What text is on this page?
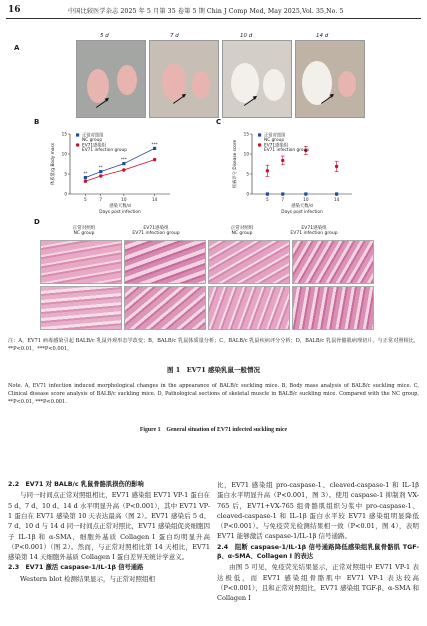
16	中国比较医学杂志 2025 年 5 月第 35 卷第 5 期 Chin J Comp Med, May 2025,Vol. 35,No. 5
A
5 d	7 d	10 d	14 d
B	C
0
5
10
15
5	7	10	14
感染天数/d
Days post infection
体质量/g Body mass	**
**
***
***
正常对照组
NC group
EV71感染组
EV71 infection group
0
5
10
15
5	7	10	14
感染天数/d
Days post infection
疾病评分 Disease score
正常对照组
NC group
EV71感染组
EV71 infection group
D
正常对照组
NC group
EV71感染组
EV71 infection group
正常对照组
NC group
EV71感染组
EV71 infection group
注：A，EV71 病毒感染引起 BALB/c 乳鼠外观形态学改变；B，BALB/c 乳鼠体质量分析；C，BALB/c 乳鼠疾病评分分析；D，BALB/c 乳鼠骨骼肌病理切片。与正常对照相比，**P<0.01，***P<0.001。
图 1　EV71 感染乳鼠一般情况
Note. A, EV71 infection induced morphological changes in the appearance of BALB/c suckling mice. B, Body mass analysis of BALB/c suckling mice. C, Clinical disease score analysis of BALB/c suckling mice. D, Pathological sections of skeletal muscle in BALB/c suckling mice. Compared with the NC group, **P<0.01, ***P<0.001.
Figure 1　General situation of EV71 infected suckling mice
2.2　EV71 对 BALB/c 乳鼠骨骼肌损伤的影响
与同一时间点正常对照组相比，EV71 感染组 EV71 VP-1 蛋白在 5 d、7 d、10 d、14 d 水平明显升高（P<0.001），其中 EV71 VP-1 蛋白在 EV71 感染第 10 天表达最高（图 2）。EV71 感染后 5 d、7 d、10 d 与 14 d 同一时间点正常对照比，EV71 感染组促炎细胞因子 IL-1β 和 α-SMA、细胞外基质 Collagen Ⅰ 蛋白均明显升高（P<0.001）（图 2）。然而，与正常对照相比第 14 天相比，EV71 感染第 14 天细胞外基质 Collagen Ⅰ 蛋白差异无统计学意义。
2.3　EV71 激活 caspase-1/IL-1β 信号通路
Western blot 检测结果显示，与正常对照组相
比，EV71 感染组 pro-caspase-1、cleaved-caspase-1 和 IL-1β 蛋白水平明显升高（P<0.001，图 3）。使用 caspase-1 抑制剂 VX-765 后，EV71+VX-765 组骨骼肌组织匀浆中 pro-caspase-1、cleaved-caspase-1 和 IL-1β 蛋白水平较 EV71 感染组明显降低（P<0.001）。与免疫荧光检测结果相一致（P<0.01，图 4），表明 EV71 能够激活 caspase-1/IL-1β 信号通路。
2.4　阻断 caspase-1/IL-1β 信号通路降低感染组乳鼠骨骼肌 TGF-β、α-SMA、Collagen Ⅰ 的表达
由图 5 可见，免疫荧光结果显示，正常对照组中 EV71 VP-1 表达极低，而 EV71 感染组骨骼肌中 EV71 VP-1 表达较高（P<0.001），且和正常对照组比，EV71 感染组 TGF-β、α-SMA 和 Collagen Ⅰ
